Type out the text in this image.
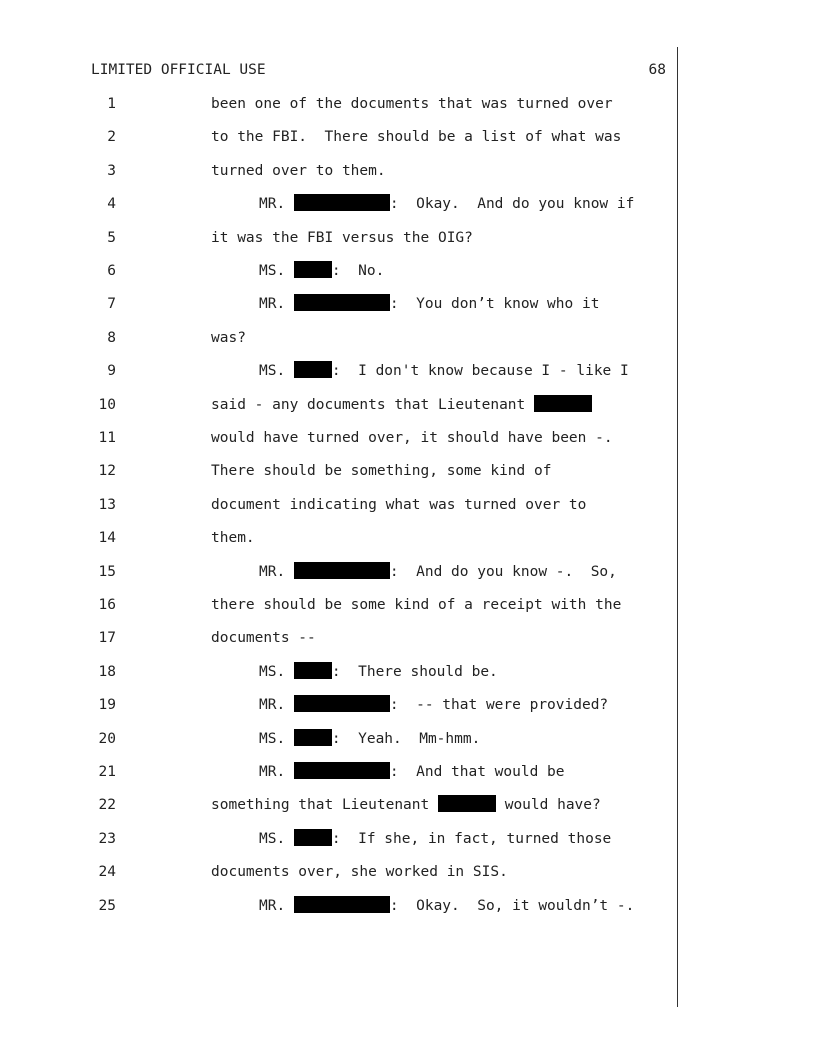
LIMITED OFFICIAL USE	68
1	been one of the documents that was turned over
2	to the FBI.  There should be a list of what was
3	turned over to them.
4	MR.	:  Okay.  And do you know if
5	it was the FBI versus the OIG?
6	MS.	:  No.
7	MR.	:  You don’t know who it
8	was?
9	MS.	:  I don't know because I - like I
10	said - any documents that Lieutenant
11	would have turned over, it should have been -.
12	There should be something, some kind of
13	document indicating what was turned over to
14	them.
15	MR.	:  And do you know -.  So,
16	there should be some kind of a receipt with the
17	documents --
18	MS.	:  There should be.
19	MR.	:  -- that were provided?
20	MS.	:  Yeah.  Mm-hmm.
21	MR.	:  And that would be
22	something that Lieutenant	would have?
23	MS.	:  If she, in fact, turned those
24	documents over, she worked in SIS.
25	MR.	:  Okay.  So, it wouldn’t -.
